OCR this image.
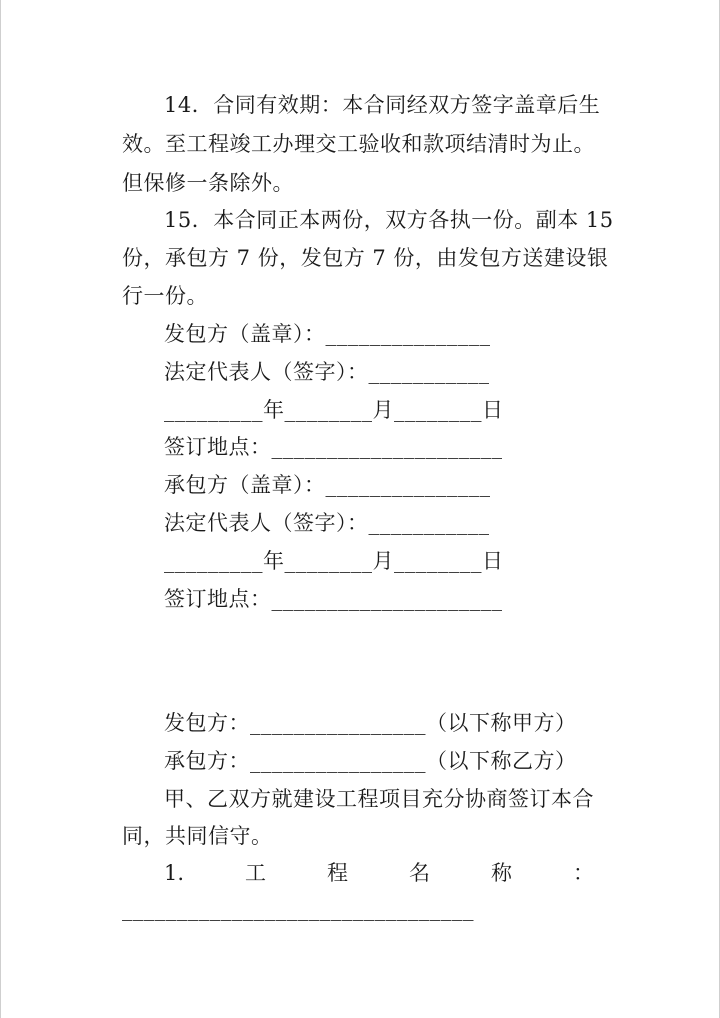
14．合同有效期：本合同经双方签字盖章后生
效。至工程竣工办理交工验收和款项结清时为止。
但保修一条除外。
15．本合同正本两份，双方各执一份。副本 15
份，承包方 7 份，发包方 7 份，由发包方送建设银
行一份。
发包方（盖章）：_______________
法定代表人（签字）：___________
_________年________月________日
签订地点：_____________________
承包方（盖章）：_______________
法定代表人（签字）：___________
_________年________月________日
签订地点：_____________________
发包方：________________（以下称甲方）
承包方：________________（以下称乙方）
甲、乙双方就建设工程项目充分协商签订本合
同，共同信守。
1.	工	程	名	称	：
________________________________
